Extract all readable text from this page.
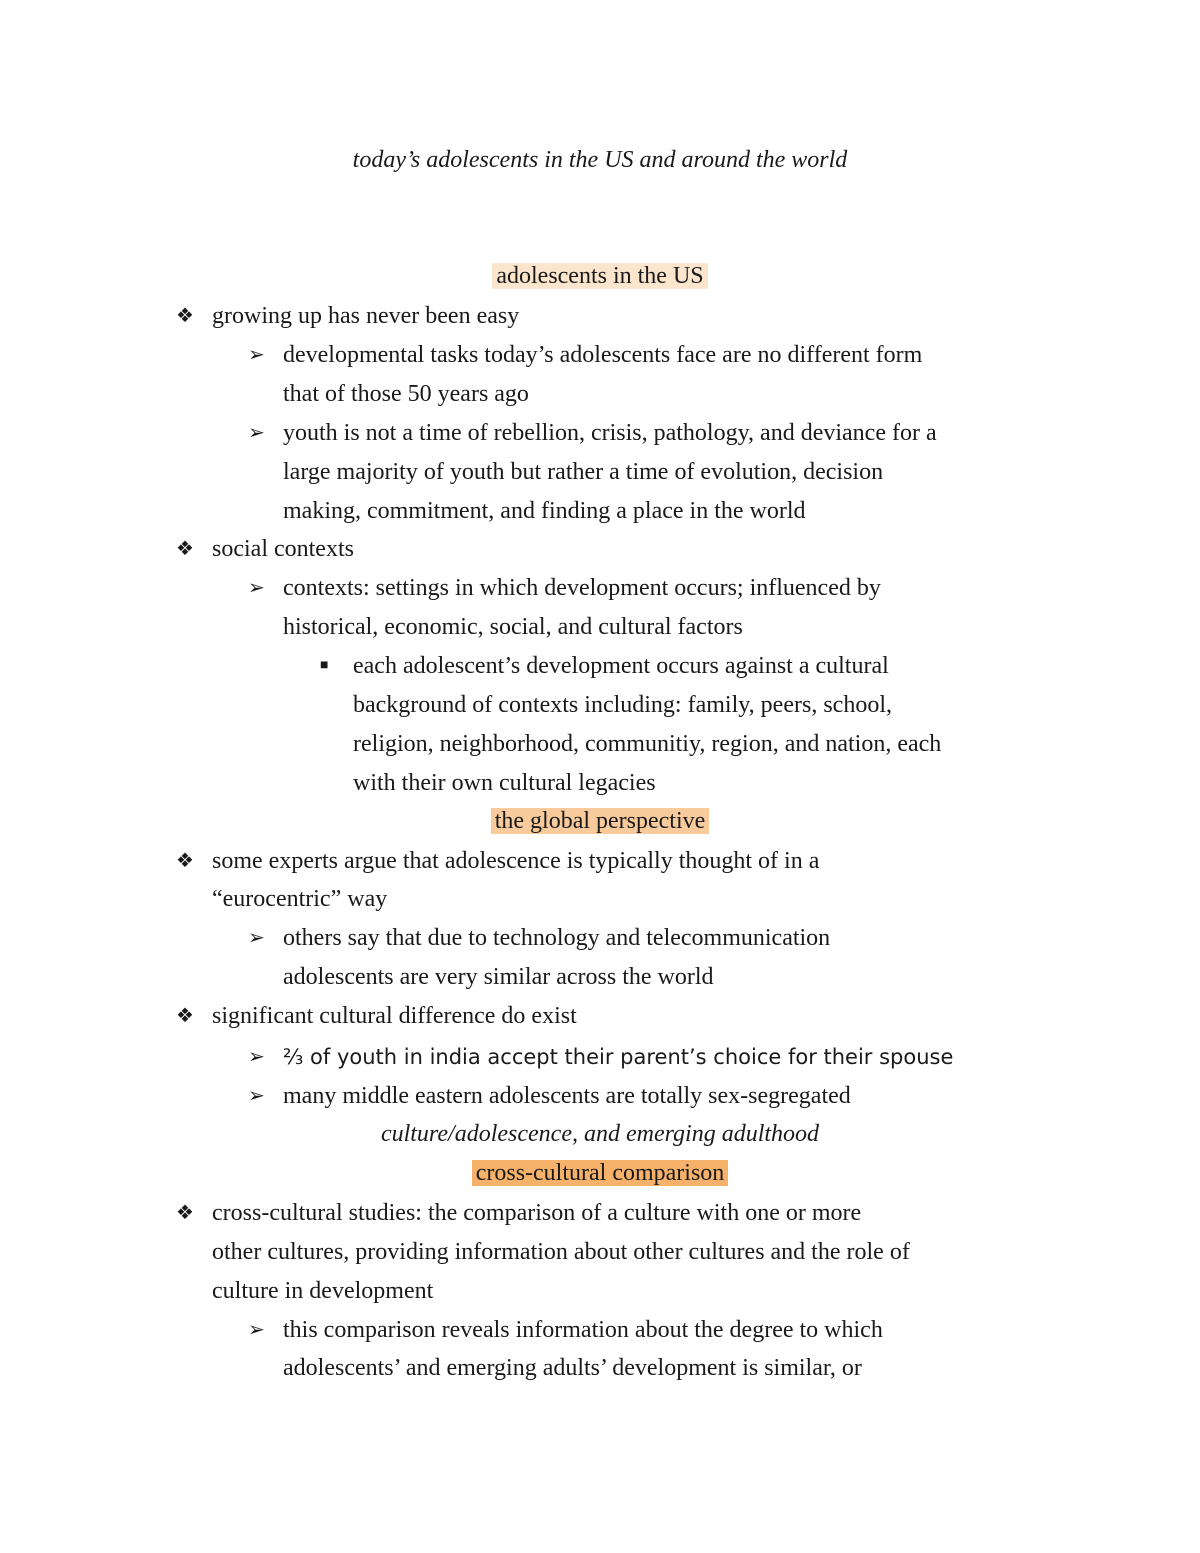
today’s adolescents in the US and around the world
adolescents in the US
❖ growing up has never been easy
➢ developmental tasks today’s adolescents face are no different form
that of those 50 years ago
➢ youth is not a time of rebellion, crisis, pathology, and deviance for a
large majority of youth but rather a time of evolution, decision
making, commitment, and finding a place in the world
❖ social contexts
➢ contexts: settings in which development occurs; influenced by
historical, economic, social, and cultural factors
■ each adolescent’s development occurs against a cultural
background of contexts including: family, peers, school,
religion, neighborhood, communitiy, region, and nation, each
with their own cultural legacies
the global perspective
❖ some experts argue that adolescence is typically thought of in a
“eurocentric” way
➢ others say that due to technology and telecommunication
adolescents are very similar across the world
❖ significant cultural difference do exist
➢ ⅔ of youth in india accept their parent’s choice for their spouse
➢ many middle eastern adolescents are totally sex-segregated
culture/adolescence, and emerging adulthood
cross-cultural comparison
❖ cross-cultural studies: the comparison of a culture with one or more
other cultures, providing information about other cultures and the role of
culture in development
➢ this comparison reveals information about the degree to which
adolescents’ and emerging adults’ development is similar, or
